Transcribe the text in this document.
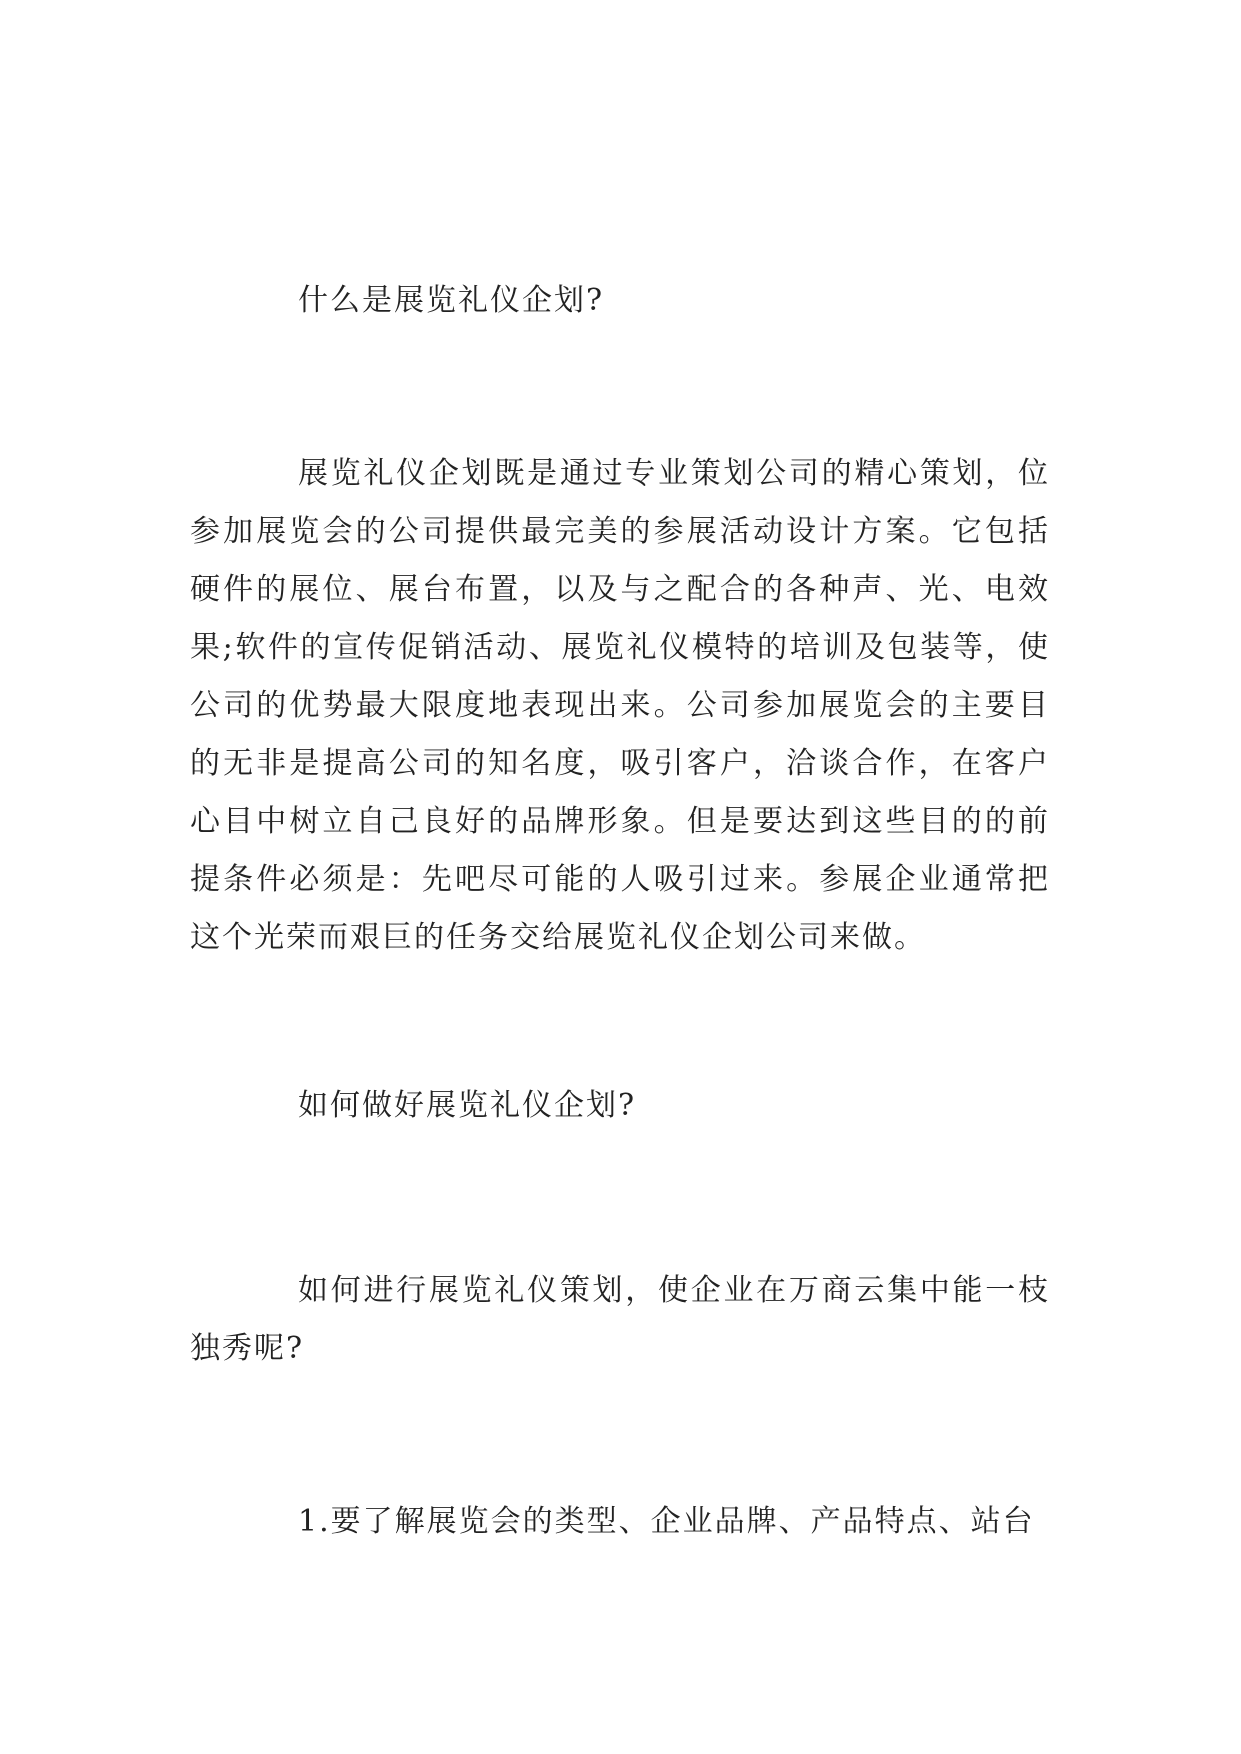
什么是展览礼仪企划?

展览礼仪企划既是通过专业策划公司的精心策划，位参加展览会的公司提供最完美的参展活动设计方案。它包括硬件的展位、展台布置，以及与之配合的各种声、光、电效果;软件的宣传促销活动、展览礼仪模特的培训及包装等，使公司的优势最大限度地表现出来。公司参加展览会的主要目的无非是提高公司的知名度，吸引客户，洽谈合作，在客户心目中树立自己良好的品牌形象。但是要达到这些目的的前提条件必须是：先吧尽可能的人吸引过来。参展企业通常把这个光荣而艰巨的任务交给展览礼仪企划公司来做。

如何做好展览礼仪企划?

如何进行展览礼仪策划，使企业在万商云集中能一枝独秀呢?

1.要了解展览会的类型、企业品牌、产品特点、站台
